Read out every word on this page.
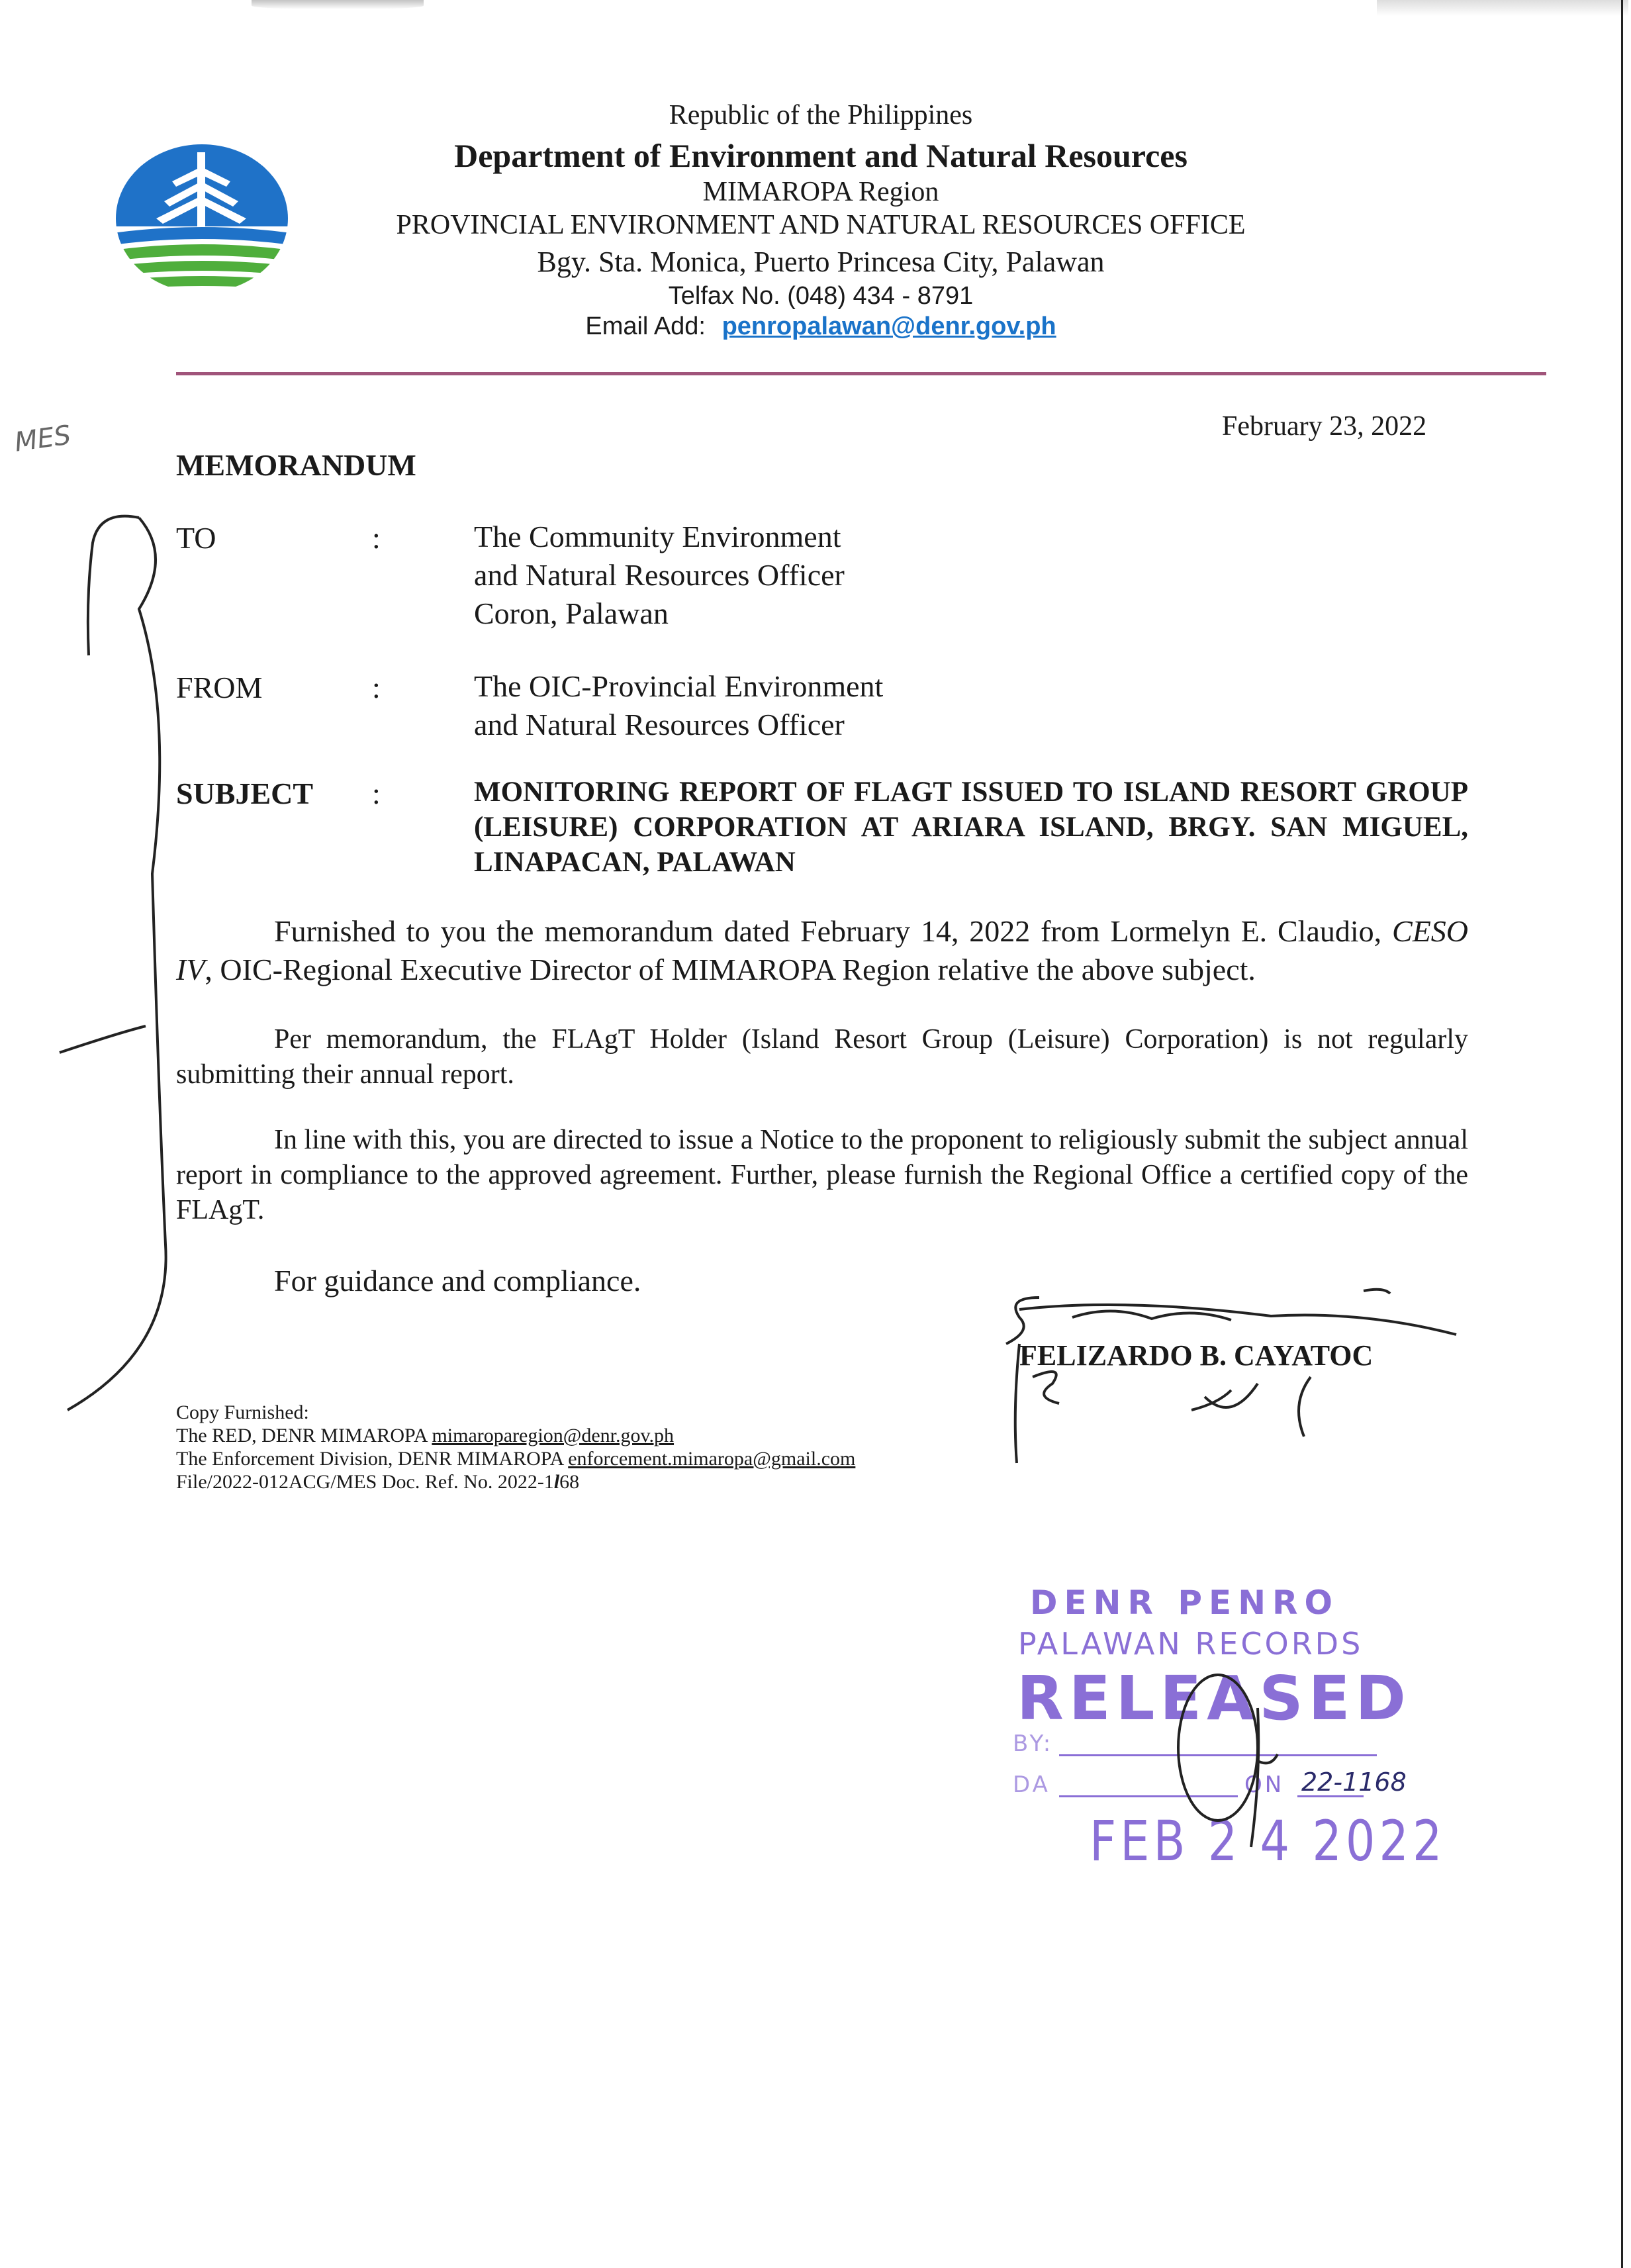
Republic of the Philippines
Department of Environment and Natural Resources
MIMAROPA Region
PROVINCIAL ENVIRONMENT AND NATURAL RESOURCES OFFICE
Bgy. Sta. Monica, Puerto Princesa City, Palawan
Telfax No. (048) 434 - 8791
Email Add: penropalawan@denr.gov.ph
MES	February 23, 2022
MEMORANDUM
TO	:	The Community Environment
and Natural Resources Officer
Coron, Palawan
FROM	:	The OIC-Provincial Environment
and Natural Resources Officer
SUBJECT :	MONITORING REPORT OF FLAGT ISSUED TO ISLAND RESORT GROUP (LEISURE) CORPORATION AT ARIARA ISLAND, BRGY. SAN MIGUEL, LINAPACAN, PALAWAN

Furnished to you the memorandum dated February 14, 2022 from Lormelyn E. Claudio, CESO IV, OIC-Regional Executive Director of MIMAROPA Region relative the above subject.

Per memorandum, the FLAgT Holder (Island Resort Group (Leisure) Corporation) is not regularly submitting their annual report.

In line with this, you are directed to issue a Notice to the proponent to religiously submit the subject annual report in compliance to the approved agreement. Further, please furnish the Regional Office a certified copy of the FLAgT.

For guidance and compliance.
FELIZARDO B. CAYATOC
Copy Furnished:
The RED, DENR MIMAROPA mimaroparegion@denr.gov.ph
The Enforcement Division, DENR MIMAROPA enforcement.mimaropa@gmail.com
File/2022-012ACG/MES Doc. Ref. No. 2022-1l68
DENR PENRO
PALAWAN RECORDS
RELEASED
BY:
DA	ON 22-1168
FEB 2 4 2022
